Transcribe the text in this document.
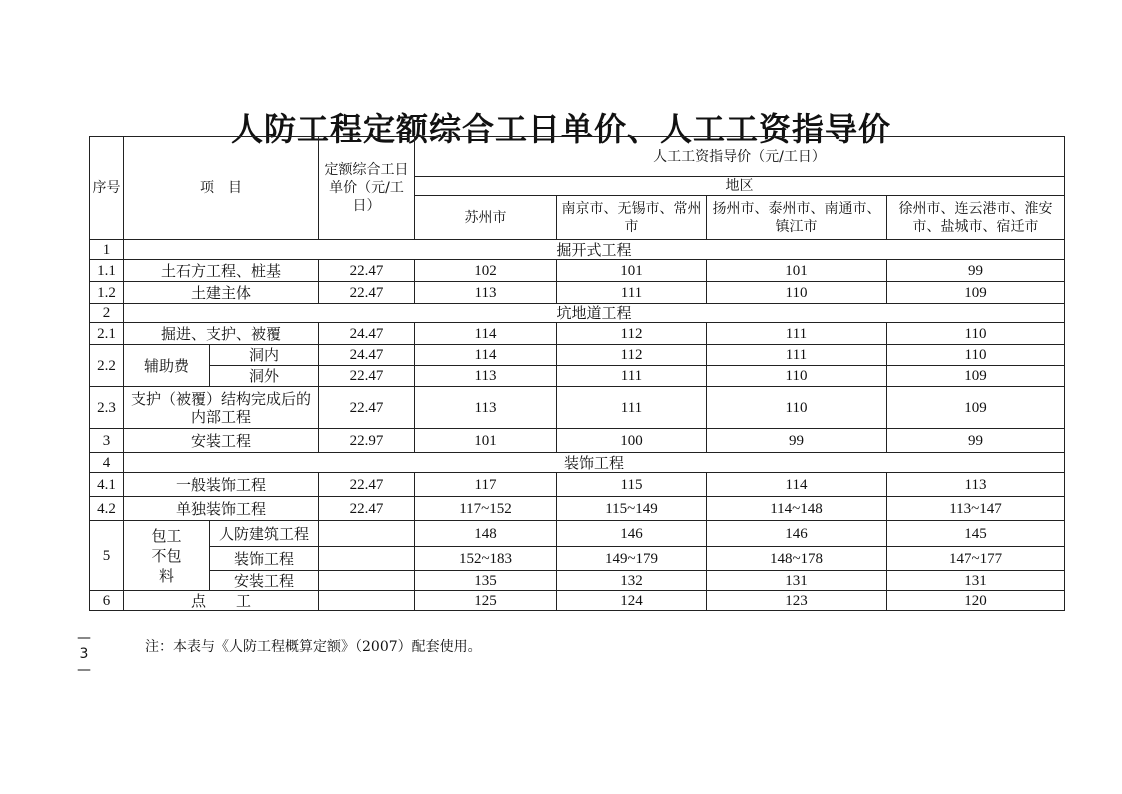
人防工程定额综合工日单价、人工工资指导价
序号	项　目		定额综合工日单价（元/工日）	人工工资指导价（元/工日）			
				地区			
				苏州市	南京市、无锡市、常州市	扬州市、泰州市、南通市、镇江市	徐州市、连云港市、淮安市、盐城市、宿迁市
1	掘开式工程						
1.1	土石方工程、桩基		22.47	102	101	101	99
1.2	土建主体		22.47	113	111	110	109
2	坑地道工程						
2.1	掘进、支护、被覆		24.47	114	112	111	110
2.2	辅助费	洞内	24.47	114	112	111	110
		洞外	22.47	113	111	110	109
2.3	支护（被覆）结构完成后的内部工程		22.47	113	111	110	109
3	安装工程		22.97	101	100	99	99
4	装饰工程						
4.1	一般装饰工程		22.47	117	115	114	113
4.2	单独装饰工程		22.47	117~152	115~149	114~148	113~147
5	包工不包料	人防建筑工程		148	146	146	145
		装饰工程		152~183	149~179	148~178	147~177
		安装工程		135	132	131	131
6	点　　工			125	124	123	120
注：本表与《人防工程概算定额》（2007）配套使用。
—3—
